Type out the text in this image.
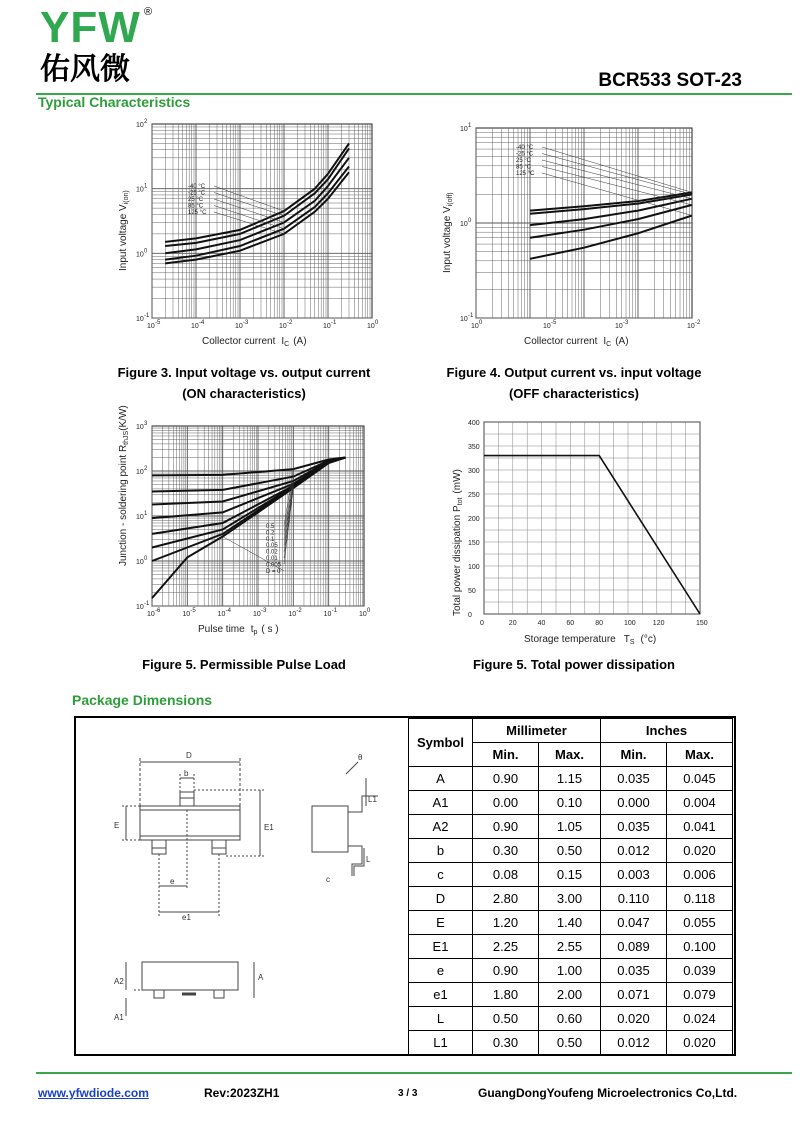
YFW ®
佑风微	BCR533 SOT-23
Typical Characteristics
10 -5	10 -4	10 -3	10 -2	10 -1	10 0
10 -1
10 0
10 1
10 2
Collector current $I_C$ (A)
Input voltage $V_{i(on)}$
-40 °C
-25 °C
25 °C
85 °C
125 °C
Figure 3. Input voltage vs. output current
(ON characteristics)
10 0	10 -5	10 -3	10 -2
10 -1
10 0
10 1
Collector current $I_C$ (A)
Input voltage $V_{i(off)}$
-40 °C
-25 °C
25 °C
85 °C
125 °C
Figure 4. Output current vs. input voltage
(OFF characteristics)
10 -6	10 -5	10 -4	10 -3	10 -2	10 -1	10 0
10 -1
10 0
10 1
10 2
10 3
Pulse time $t_p$ ( s )
Junction - soldering point $R_{thJS}(K/W)$
0.5
0.2
0.1
0.05
0.02
0.01
0.005
D = 0
Figure 5. Permissible Pulse Load
0	20	40	60	80	100 120	150
0
50
100
150
200
250
300
350
400
Storage temperature $T_S$ (°c)
Total power dissipation $P_{tot}(mW)$
Figure 5. Total power dissipation
Package Dimensions
D
b
E	E1
e
e1
A
A1
A2
L
L1
c
θ
Symbol	Millimeter		Inches	
	Min.	Max.	Min.	Max.
A	0.90	1.15	0.035	0.045
A1	0.00	0.10	0.000	0.004
A2	0.90	1.05	0.035	0.041
b	0.30	0.50	0.012	0.020
c	0.08	0.15	0.003	0.006
D	2.80	3.00	0.110	0.118
E	1.20	1.40	0.047	0.055
E1	2.25	2.55	0.089	0.100
e	0.90	1.00	0.035	0.039
e1	1.80	2.00	0.071	0.079
L	0.50	0.60	0.020	0.024
L1	0.30	0.50	0.012	0.020
www.yfwdiode.com	Rev:2023ZH1	3 / 3	GuangDongYoufeng Microelectronics Co,Ltd.
